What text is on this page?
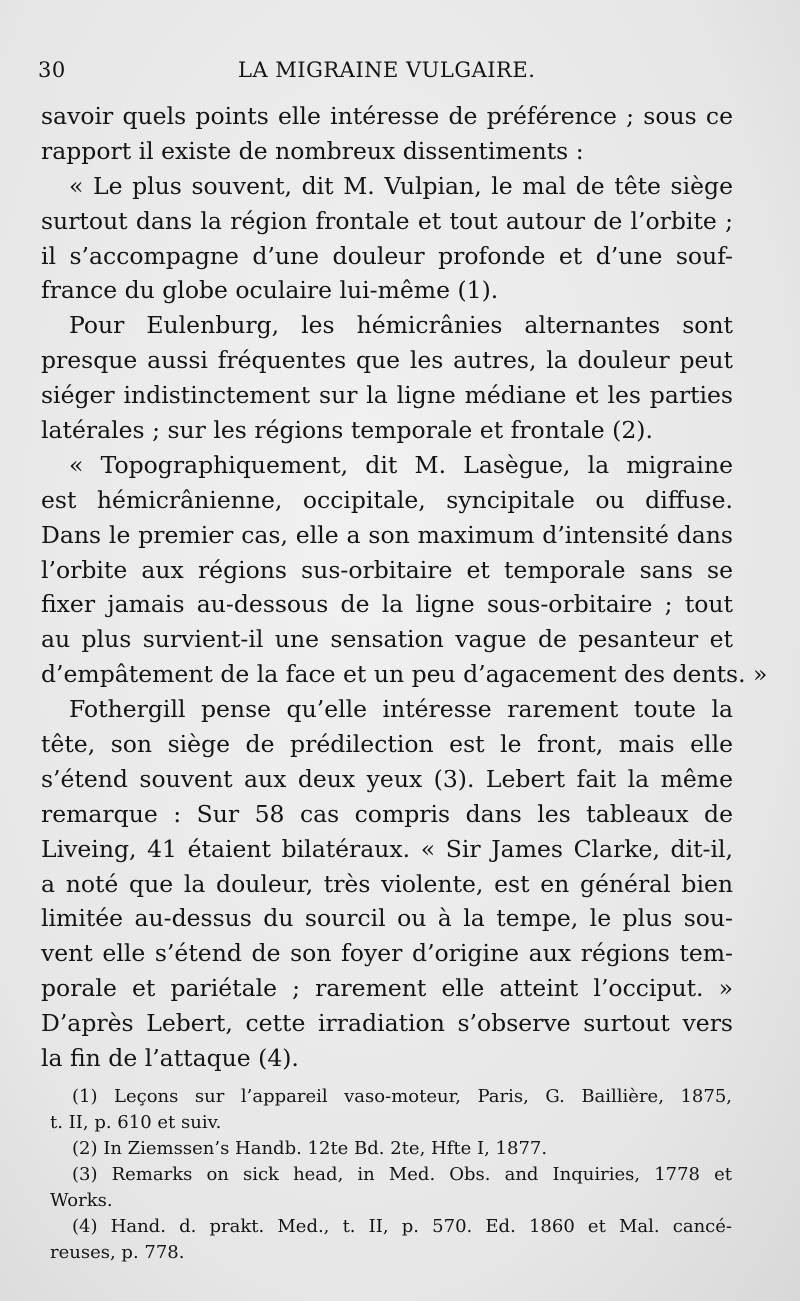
30	LA MIGRAINE VULGAIRE.
savoir quels points elle intéresse de préférence ; sous ce
rapport il existe de nombreux dissentiments :
« Le plus souvent, dit M. Vulpian, le mal de tête siège
surtout dans la région frontale et tout autour de l’orbite ;
il s’accompagne d’une douleur profonde et d’une souf-
france du globe oculaire lui-même (1).
Pour Eulenburg, les hémicrânies alternantes sont
presque aussi fréquentes que les autres, la douleur peut
siéger indistinctement sur la ligne médiane et les parties
latérales ; sur les régions temporale et frontale (2).
« Topographiquement, dit M. Lasègue, la migraine
est hémicrânienne, occipitale, syncipitale ou diffuse.
Dans le premier cas, elle a son maximum d’intensité dans
l’orbite aux régions sus-orbitaire et temporale sans se
fixer jamais au-dessous de la ligne sous-orbitaire ; tout
au plus survient-il une sensation vague de pesanteur et
d’empâtement de la face et un peu d’agacement des dents. »
Fothergill pense qu’elle intéresse rarement toute la
tête, son siège de prédilection est le front, mais elle
s’étend souvent aux deux yeux (3). Lebert fait la même
remarque : Sur 58 cas compris dans les tableaux de
Liveing, 41 étaient bilatéraux. « Sir James Clarke, dit-il,
a noté que la douleur, très violente, est en général bien
limitée au-dessus du sourcil ou à la tempe, le plus sou-
vent elle s’étend de son foyer d’origine aux régions tem-
porale et pariétale ; rarement elle atteint l’occiput. »
D’après Lebert, cette irradiation s’observe surtout vers
la fin de l’attaque (4).
(1) Leçons sur l’appareil vaso-moteur, Paris, G. Baillière, 1875,
t. II, p. 610 et suiv.
(2) In Ziemssen’s Handb. 12te Bd. 2te, Hfte I, 1877.
(3) Remarks on sick head, in Med. Obs. and Inquiries, 1778 et
Works.
(4) Hand. d. prakt. Med., t. II, p. 570. Ed. 1860 et Mal. cancé-
reuses, p. 778.
